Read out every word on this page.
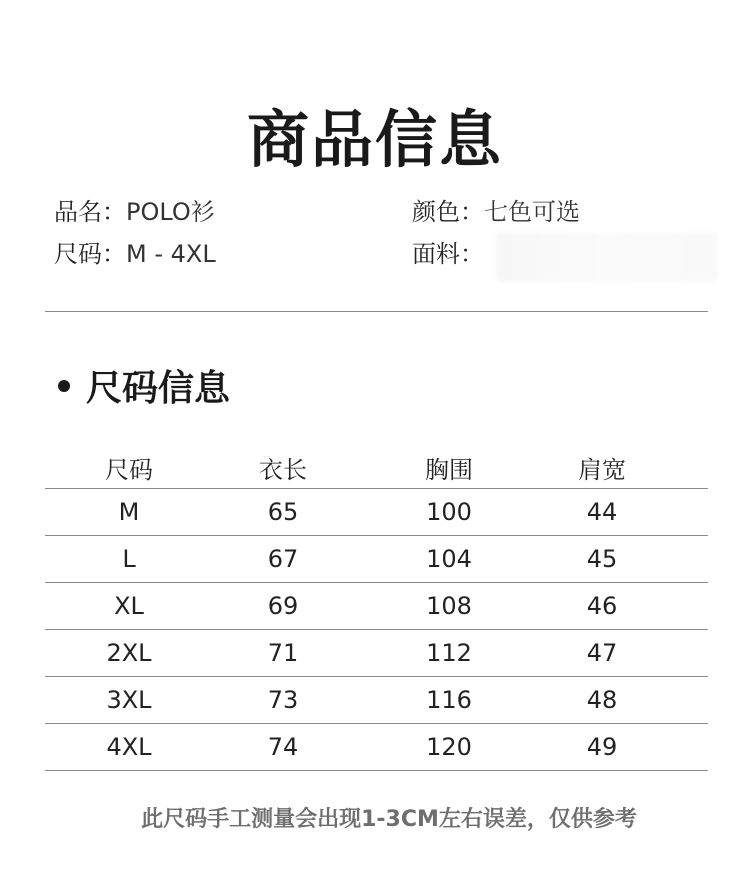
商品信息
品名：POLO衫	颜色：七色可选
尺码：M - 4XL	面料：
尺码信息
尺码	衣长	胸围	肩宽
M	65	100	44
L	67	104	45
XL	69	108	46
2XL	71	112	47
3XL	73	116	48
4XL	74	120	49
此尺码手工测量会出现1-3CM左右误差，仅供参考
